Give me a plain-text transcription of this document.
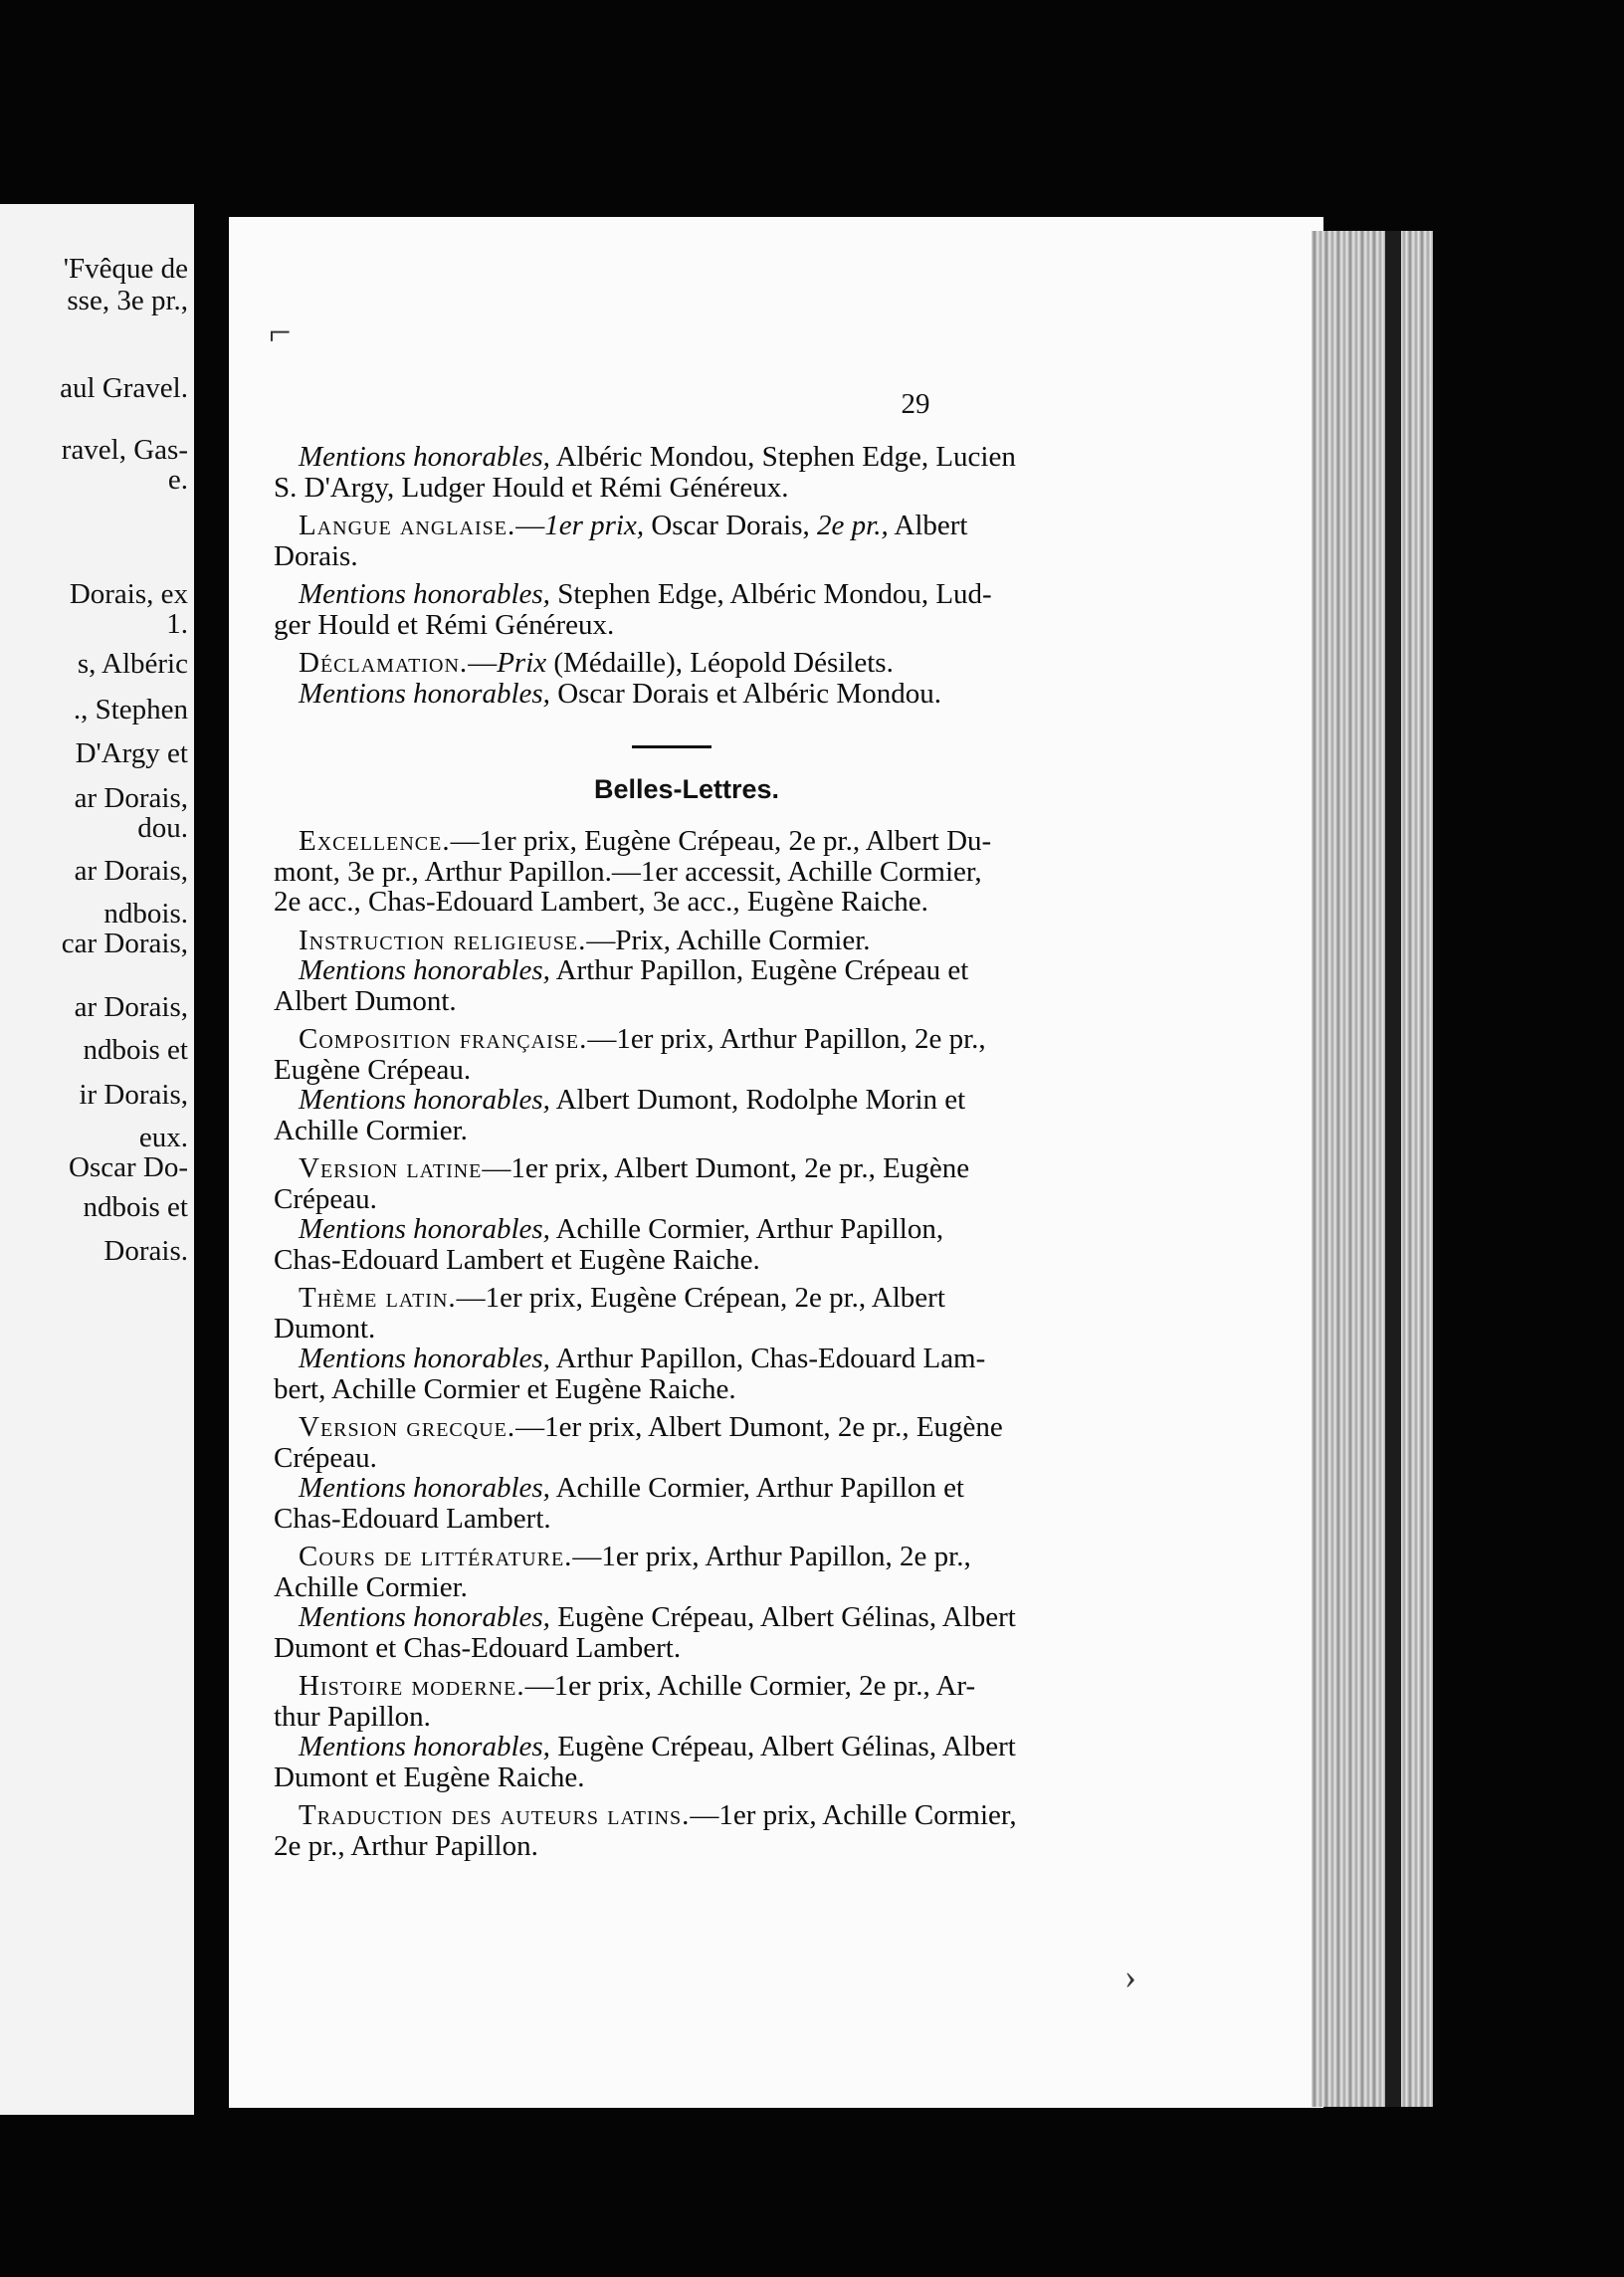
'Fvêque de
sse, 3e pr.,
aul Gravel.
ravel, Gas-
e.
Dorais, ex
1.
s, Albéric
., Stephen
D'Argy et
ar Dorais,
dou.
ar Dorais,
ndbois.
car Dorais,
ar Dorais,
ndbois et
ir Dorais,
eux.
Oscar Do-
ndbois et
Dorais.
⌐
29

Mentions honorables, Albéric Mondou, Stephen Edge, Lucien

S. D'Argy, Ludger Hould et Rémi Généreux.

Langue anglaise.—1er prix, Oscar Dorais, 2e pr., Albert

Dorais.

Mentions honorables, Stephen Edge, Albéric Mondou, Lud-

ger Hould et Rémi Généreux.

Déclamation.—Prix (Médaille), Léopold Désilets.

Mentions honorables, Oscar Dorais et Albéric Mondou.

Belles-Lettres.

Excellence.—1er prix, Eugène Crépeau, 2e pr., Albert Du-

mont, 3e pr., Arthur Papillon.—1er accessit, Achille Cormier,

2e acc., Chas-Edouard Lambert, 3e acc., Eugène Raiche.

Instruction religieuse.—Prix, Achille Cormier.

Mentions honorables, Arthur Papillon, Eugène Crépeau et

Albert Dumont.

Composition française.—1er prix, Arthur Papillon, 2e pr.,

Eugène Crépeau.

Mentions honorables, Albert Dumont, Rodolphe Morin et

Achille Cormier.

Version latine—1er prix, Albert Dumont, 2e pr., Eugène

Crépeau.

Mentions honorables, Achille Cormier, Arthur Papillon,

Chas-Edouard Lambert et Eugène Raiche.

Thème latin.—1er prix, Eugène Crépean, 2e pr., Albert

Dumont.

Mentions honorables, Arthur Papillon, Chas-Edouard Lam-

bert, Achille Cormier et Eugène Raiche.

Version grecque.—1er prix, Albert Dumont, 2e pr., Eugène

Crépeau.

Mentions honorables, Achille Cormier, Arthur Papillon et

Chas-Edouard Lambert.

Cours de littérature.—1er prix, Arthur Papillon, 2e pr.,

Achille Cormier.

Mentions honorables, Eugène Crépeau, Albert Gélinas, Albert

Dumont et Chas-Edouard Lambert.

Histoire moderne.—1er prix, Achille Cormier, 2e pr., Ar-

thur Papillon.

Mentions honorables, Eugène Crépeau, Albert Gélinas, Albert

Dumont et Eugène Raiche.

Traduction des auteurs latins.—1er prix, Achille Cormier,

2e pr., Arthur Papillon.

›
